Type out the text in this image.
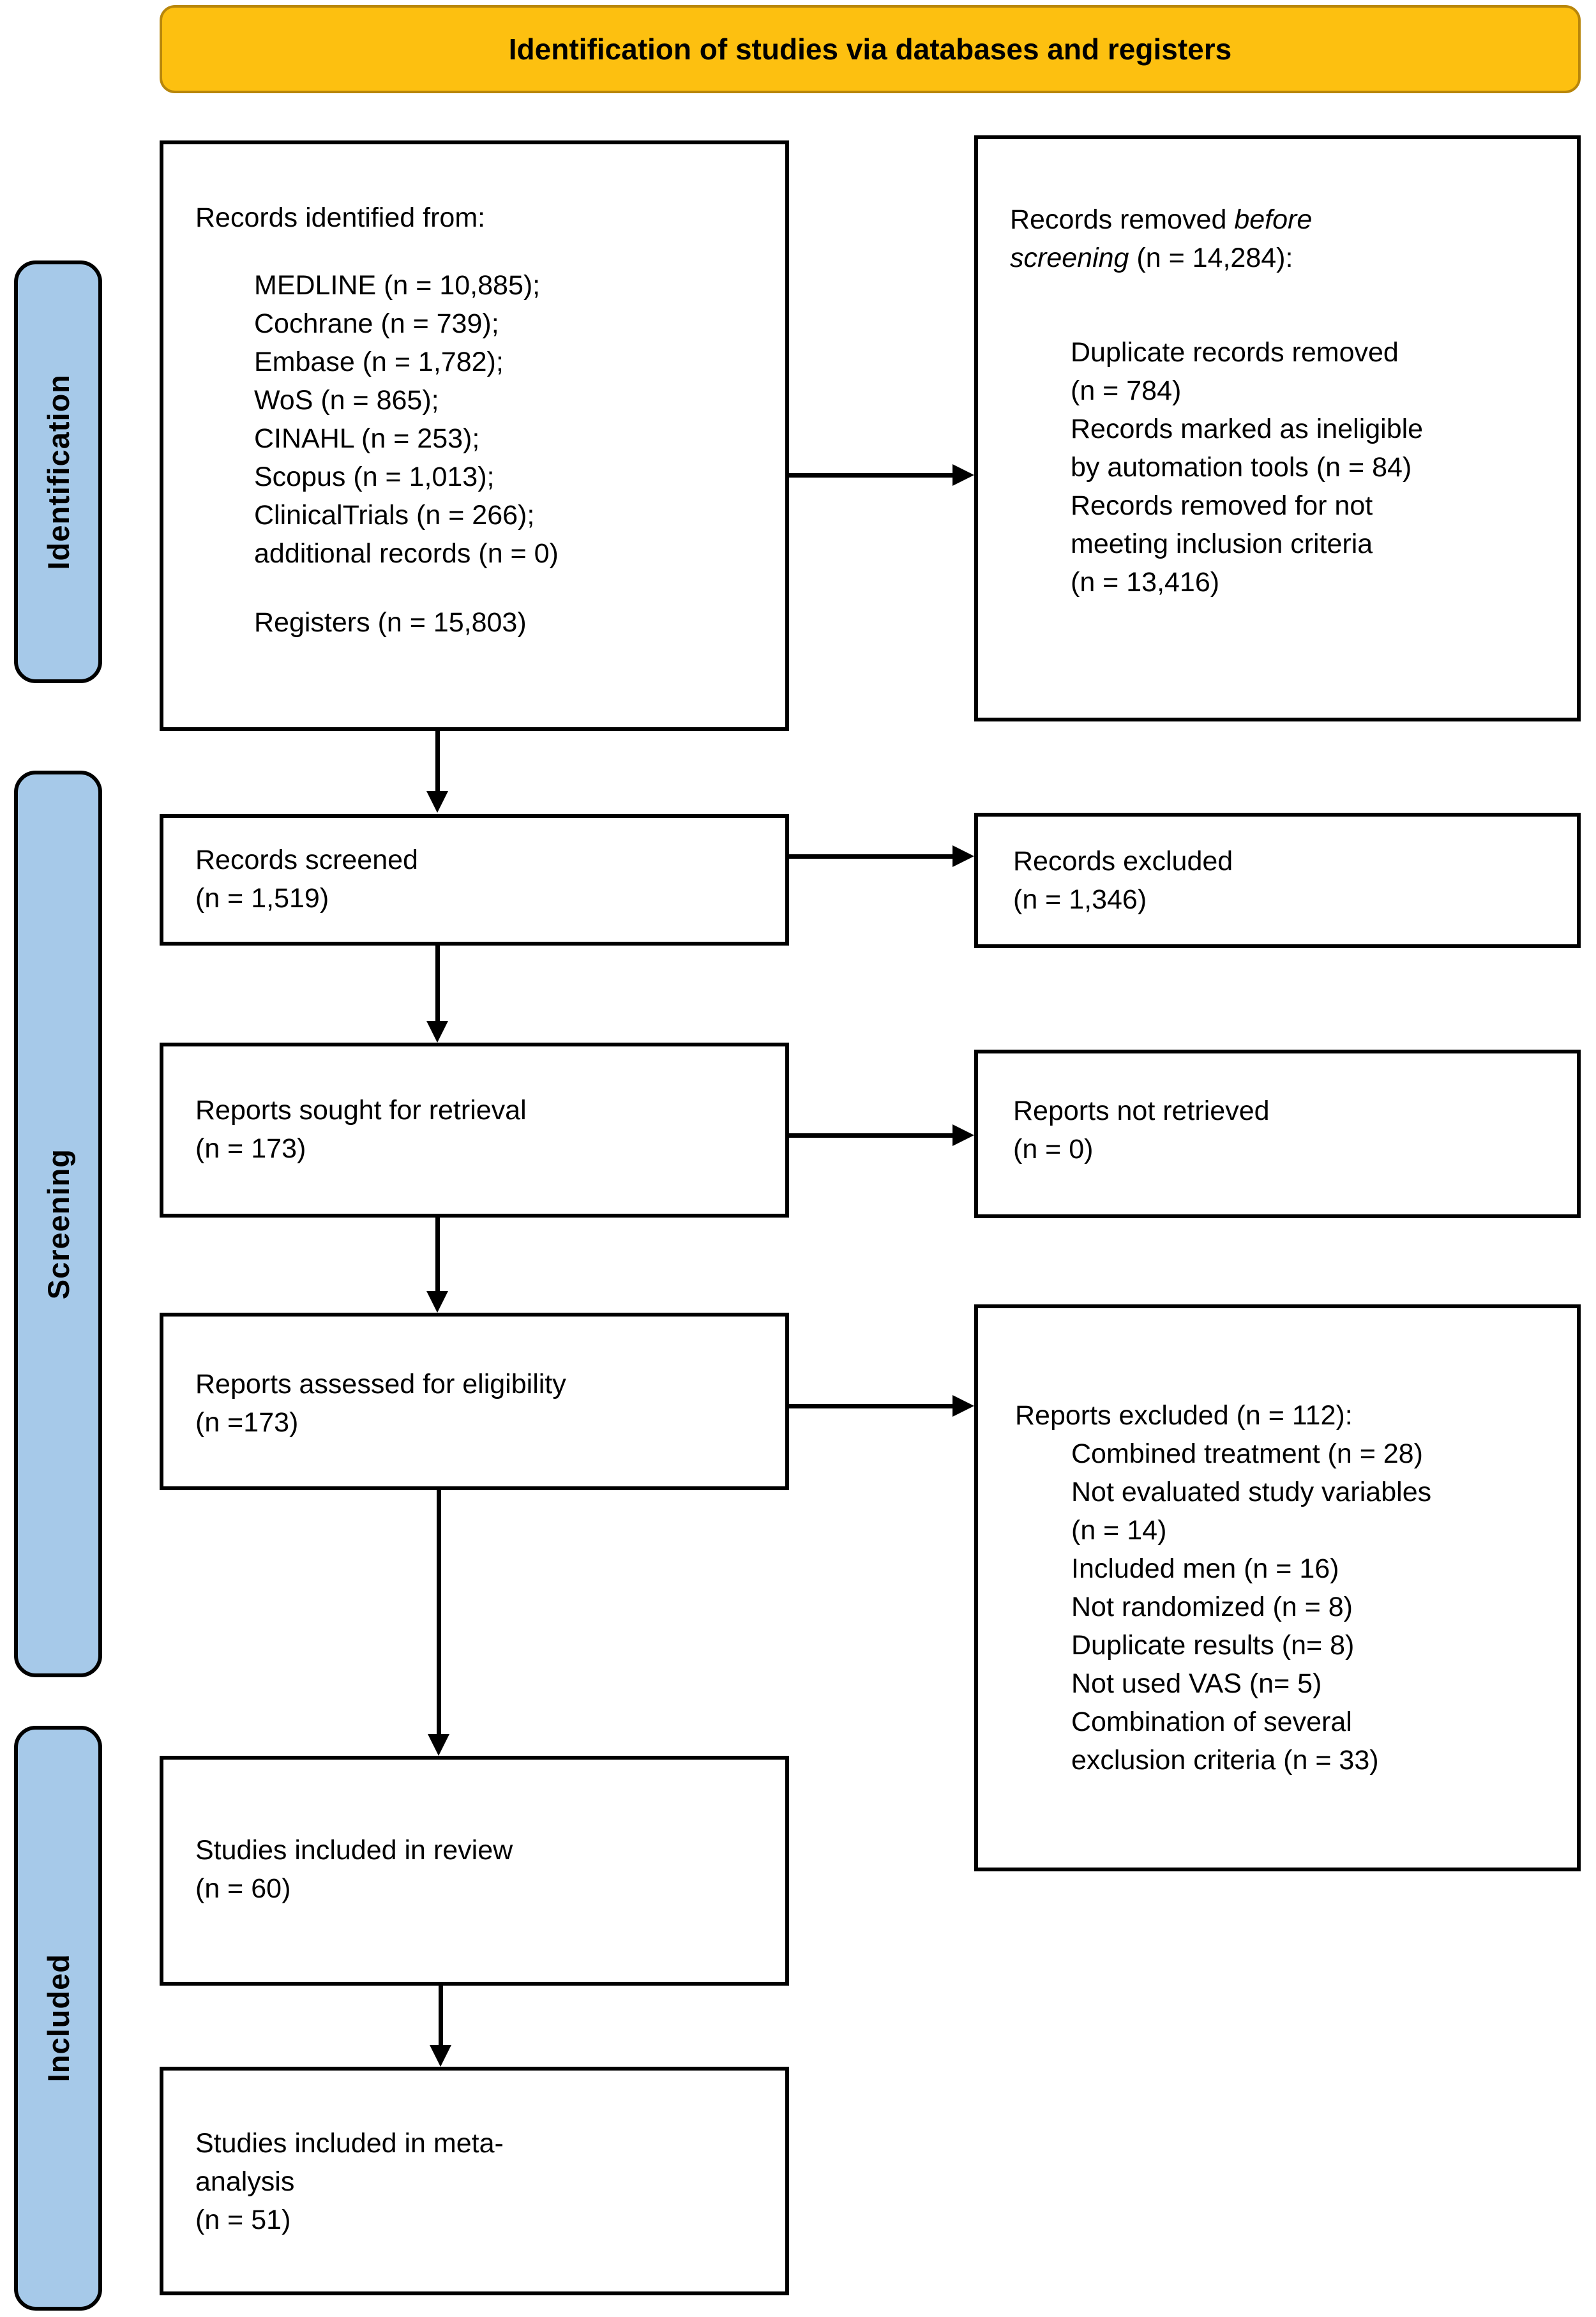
Identification of studies via databases and registers
Identification
Screening
Included
Records identified from:
MEDLINE (n = 10,885);
Cochrane (n = 739);
Embase (n = 1,782);
WoS (n = 865);
CINAHL (n = 253);
Scopus (n = 1,013);
ClinicalTrials (n = 266);
additional records (n = 0)
Registers (n = 15,803)
Records screened
(n = 1,519)
Reports sought for retrieval
(n = 173)
Reports assessed for eligibility
(n =173)
Studies included in review
(n = 60)
Studies included in meta-
analysis
(n = 51)
Records removed before
screening (n = 14,284):
Duplicate records removed
(n = 784)
Records marked as ineligible
by automation tools (n = 84)
Records removed for not
meeting inclusion criteria
(n = 13,416)
Records excluded
(n = 1,346)
Reports not retrieved
(n = 0)
Reports excluded (n = 112):
Combined treatment (n = 28)
Not evaluated study variables
(n = 14)
Included men (n = 16)
Not randomized (n = 8)
Duplicate results (n= 8)
Not used VAS (n= 5)
Combination of several
exclusion criteria (n = 33)
